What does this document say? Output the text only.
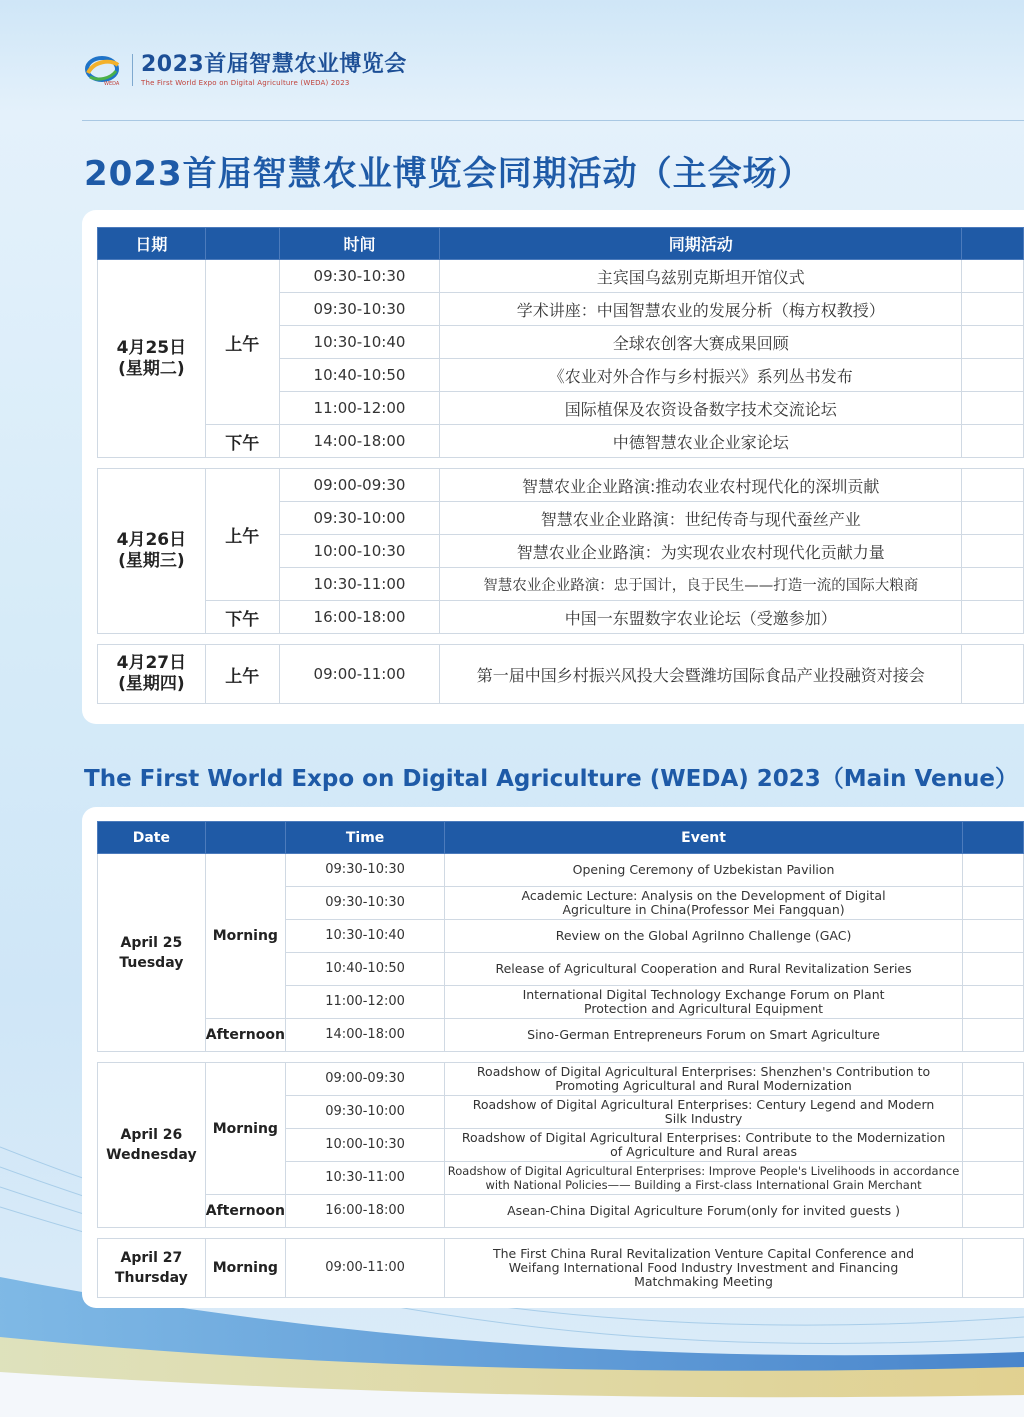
WEDA
2023首届智慧农业博览会
The First World Expo on Digital Agriculture (WEDA) 2023
2023首届智慧农业博览会同期活动（主会场）
日期		时间	同期活动	

4月25日
(星期二)	上午	09:30-10:30	主宾国乌兹别克斯坦开馆仪式	
		09:30-10:30	学术讲座：中国智慧农业的发展分析（梅方权教授）	
		10:30-10:40	全球农创客大赛成果回顾	
		10:40-10:50	《农业对外合作与乡村振兴》系列丛书发布	
		11:00-12:00	国际植保及农资设备数字技术交流论坛	
	下午	14:00-18:00	中德智慧农业企业家论坛	

4月26日
(星期三)	上午	09:00-09:30	智慧农业企业路演:推动农业农村现代化的深圳贡献	
		09:30-10:00	智慧农业企业路演：世纪传奇与现代蚕丝产业	
		10:00-10:30	智慧农业企业路演：为实现农业农村现代化贡献力量	
		10:30-11:00	智慧农业企业路演：忠于国计，良于民生——打造一流的国际大粮商	
	下午	16:00-18:00	中国一东盟数字农业论坛（受邀参加）	

4月27日
(星期四)	上午	09:00-11:00	第一届中国乡村振兴风投大会暨潍坊国际食品产业投融资对接会	
The First World Expo on Digital Agriculture (WEDA) 2023（Main Venue）
Date		Time	Event	

April 25
Tuesday	Morning	09:30-10:30	Opening Ceremony of Uzbekistan Pavilion	
		09:30-10:30	Academic Lecture: Analysis on the Development of Digital Agriculture in China(Professor Mei Fangquan)	
		10:30-10:40	Review on the Global AgriInno Challenge (GAC)	
		10:40-10:50	Release of Agricultural Cooperation and Rural Revitalization Series	
		11:00-12:00	International Digital Technology Exchange Forum on Plant Protection and Agricultural Equipment	
	Afternoon	14:00-18:00	Sino-German Entrepreneurs Forum on Smart Agriculture	

April 26
Wednesday	Morning	09:00-09:30	Roadshow of Digital Agricultural Enterprises: Shenzhen's Contribution to Promoting Agricultural and Rural Modernization	
		09:30-10:00	Roadshow of Digital Agricultural Enterprises: Century Legend and Modern Silk Industry	
		10:00-10:30	Roadshow of Digital Agricultural Enterprises: Contribute to the Modernization of Agriculture and Rural areas	
		10:30-11:00	Roadshow of Digital Agricultural Enterprises: Improve People's Livelihoods in accordance with National Policies—— Building a First-class International Grain Merchant	
	Afternoon	16:00-18:00	Asean-China Digital Agriculture Forum(only for invited guests )	

April 27
Thursday	Morning	09:00-11:00	The First China Rural Revitalization Venture Capital Conference and Weifang International Food Industry Investment and Financing Matchmaking Meeting	
